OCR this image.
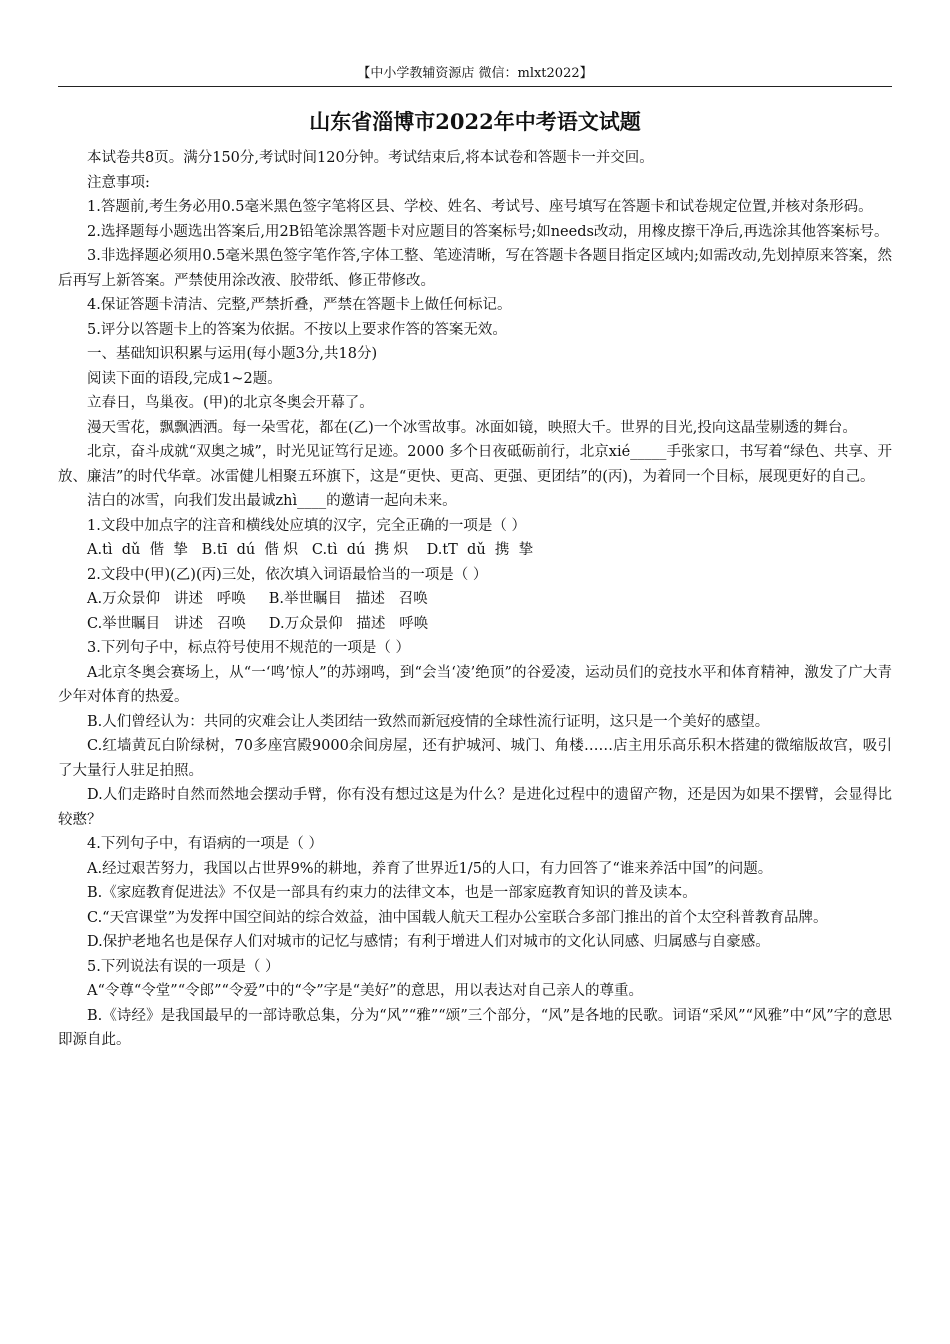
【中小学教辅资源店 微信：mlxt2022】
山东省淄博市2022年中考语文试题

本试卷共8页。满分150分,考试时间120分钟。考试结束后,将本试卷和答题卡一并交回。

注意事项:

1.答题前,考生务必用0.5毫米黑色签字笔将区县、学校、姓名、考试号、座号填写在答题卡和试卷规定位置,并核对条形码。

2.选择题每小题选出答案后,用2B铅笔涂黑答题卡对应题目的答案标号;如needs改动，用橡皮擦干净后,再选涂其他答案标号。

3.非选择题必须用0.5毫米黑色签字笔作答,字体工整、笔迹清晰，写在答题卡各题目指定区域内;如需改动,先划掉原来答案，然后再写上新答案。严禁使用涂改液、胶带纸、修正带修改。

4.保证答题卡清洁、完整,严禁折叠，严禁在答题卡上做任何标记。

5.评分以答题卡上的答案为依据。不按以上要求作答的答案无效。

一、基础知识积累与运用(每小题3分,共18分)

阅读下面的语段,完成1~2题。

立春日，鸟巢夜。(甲)的北京冬奥会开幕了。

漫天雪花，飘飘洒洒。每一朵雪花，都在(乙)一个冰雪故事。冰面如镜，映照大千。世界的目光,投向这晶莹剔透的舞台。

北京，奋斗成就“双奥之城”，时光见证笃行足迹。2000 多个日夜砥砺前行，北京xié_____手张家口，书写着“绿色、共享、开放、廉洁”的时代华章。冰雷健儿相聚五环旗下，这是“更快、更高、更强、更团结”的(丙)，为着同一个目标，展现更好的自己。

洁白的冰雪，向我们发出最诚zhì____的邀请一起向未来。

1.文段中加点字的注音和横线处应填的汉字，完全正确的一项是（ ）

A.tì  dǔ  偕  挚   B.tī  dú  偕 炽   C.tì  dú  携 炽    D.tT  dǔ  携  挚

2.文段中(甲)(乙)(丙)三处，依次填入词语最恰当的一项是（ ）

A.万众景仰   讲述   呼唤     B.举世瞩目   描述   召唤

C.举世瞩目   讲述   召唤     D.万众景仰   描述   呼唤

3.下列句子中，标点符号使用不规范的一项是（ ）

A北京冬奥会赛场上，从“一‘鸣’惊人”的苏翊鸣，到“会当‘凌’绝顶”的谷爱凌，运动员们的竞技水平和体育精神，激发了广大青少年对体育的热爱。

B.人们曾经认为：共同的灾难会让人类团结一致然而新冠疫情的全球性流行证明，这只是一个美好的感望。

C.红墙黄瓦白阶绿树，70多座宫殿9000余间房屋，还有护城河、城门、角楼……店主用乐高乐积木搭建的微缩版故宫，吸引了大量行人驻足拍照。

D.人们走路时自然而然地会摆动手臂，你有没有想过这是为什么？是进化过程中的遗留产物，还是因为如果不摆臂，会显得比较憨？

4.下列句子中，有语病的一项是（ ）

A.经过艰苦努力，我国以占世界9%的耕地，养育了世界近1/5的人口，有力回答了“谁来养活中国”的问题。

B.《家庭教育促进法》不仅是一部具有约束力的法律文本，也是一部家庭教育知识的普及读本。

C.“天宫课堂”为发挥中国空间站的综合效益，油中国载人航天工程办公室联合多部门推出的首个太空科普教育品牌。

D.保护老地名也是保存人们对城市的记忆与感情；有利于增进人们对城市的文化认同感、归属感与自豪感。

5.下列说法有误的一项是（ ）

A“令尊“令堂”“令郎”“令爱”中的“令”字是“美好”的意思，用以表达对自己亲人的尊重。

B.《诗经》是我国最早的一部诗歌总集，分为“风”“雅”“颂”三个部分，“风”是各地的民歌。词语“采风”“风雅”中“风”字的意思即源自此。
